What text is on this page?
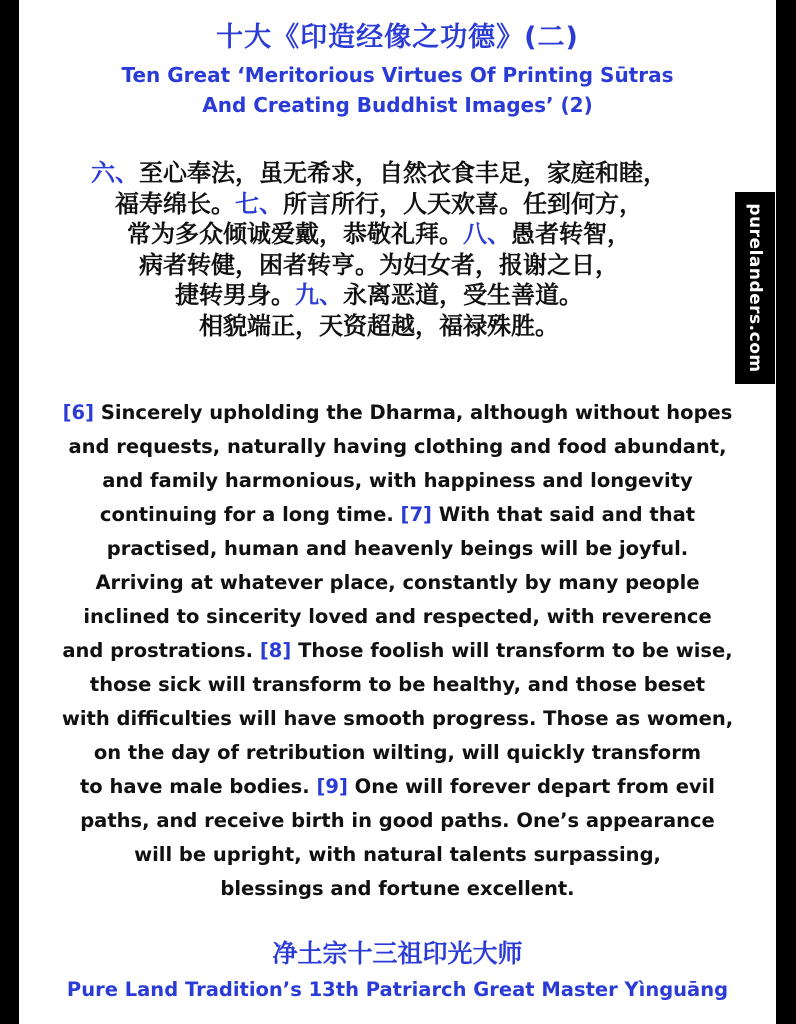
十大《印造经像之功德》(二)
Ten Great ‘Meritorious Virtues Of Printing Sūtras
And Creating Buddhist Images’ (2)
六、至心奉法，虽无希求，自然衣食丰足，家庭和睦，
福寿绵长。七、所言所行，人天欢喜。任到何方，
常为多众倾诚爱戴，恭敬礼拜。八、愚者转智，
病者转健，困者转亨。为妇女者，报谢之日，
捷转男身。九、永离恶道，受生善道。
相貌端正，天资超越，福禄殊胜。
[6] Sincerely upholding the Dharma, although without hopes
and requests, naturally having clothing and food abundant,
and family harmonious, with happiness and longevity
continuing for a long time. [7] With that said and that
practised, human and heavenly beings will be joyful.
Arriving at whatever place, constantly by many people
inclined to sincerity loved and respected, with reverence
and prostrations. [8] Those foolish will transform to be wise,
those sick will transform to be healthy, and those beset
with difficulties will have smooth progress. Those as women,
on the day of retribution wilting, will quickly transform
to have male bodies. [9] One will forever depart from evil
paths, and receive birth in good paths. One’s appearance
will be upright, with natural talents surpassing,
blessings and fortune excellent.
purelanders.com
净土宗十三祖印光大师
Pure Land Tradition’s 13th Patriarch Great Master Yìnguāng
